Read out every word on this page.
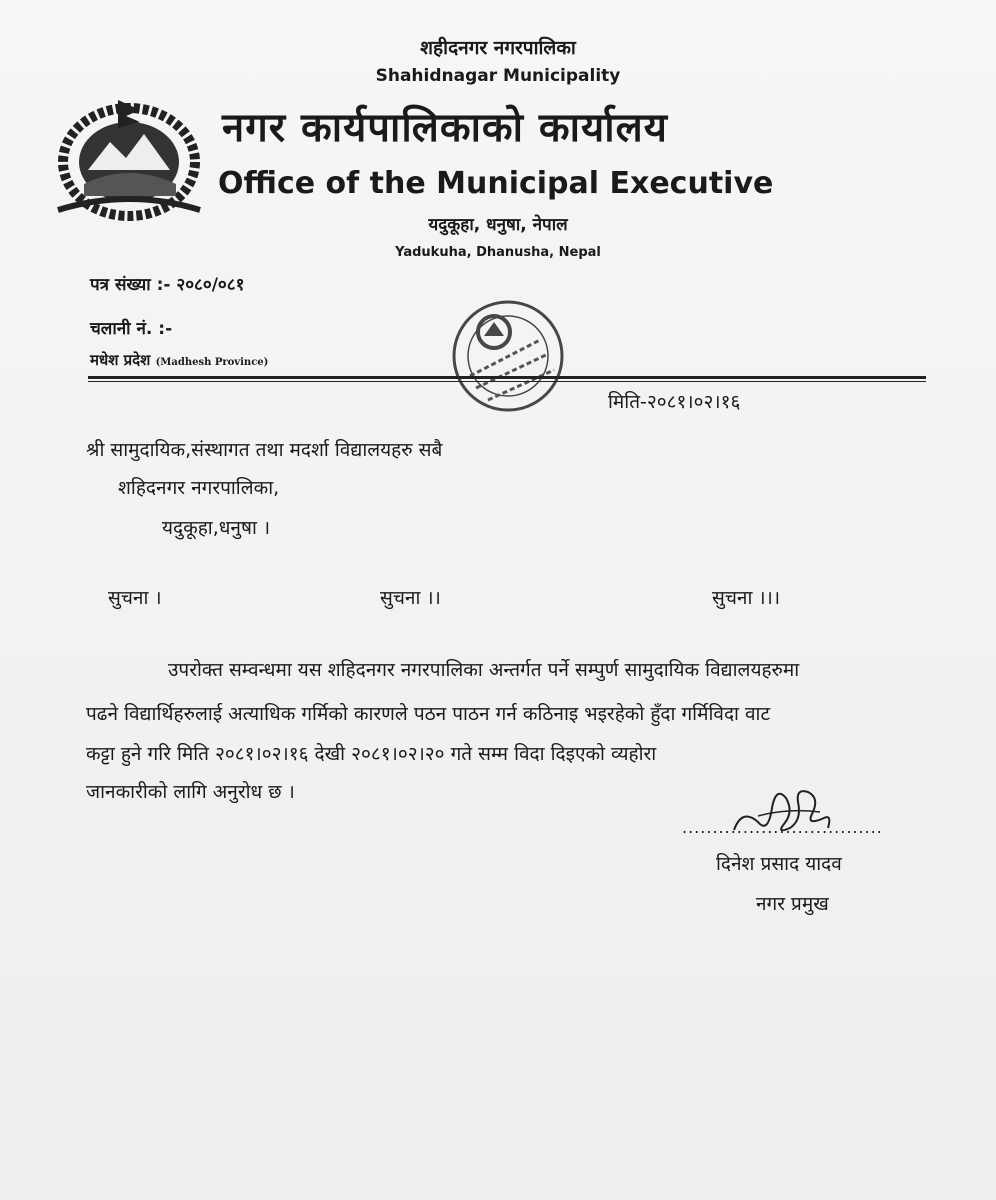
शहीदनगर नगरपालिका
Shahidnagar Municipality
नगर कार्यपालिकाको कार्यालय
Office of the Municipal Executive
यदुकूहा, धनुषा, नेपाल
Yadukuha, Dhanusha, Nepal
पत्र संख्या :- २०८०/०८१
चलानी नं. :-
मधेश प्रदेश (Madhesh Province)
मिति-२०८१।०२।१६
श्री सामुदायिक,संस्थागत तथा मदर्शा विद्यालयहरु सबै
शहिदनगर नगरपालिका,
यदुकूहा,धनुषा ।
सुचना ।	सुचना ।।	सुचना ।।।
उपरोक्त सम्वन्धमा यस शहिदनगर नगरपालिका अन्तर्गत पर्ने सम्पुर्ण सामुदायिक विद्यालयहरुमा
पढने विद्यार्थिहरुलाई अत्याधिक गर्मिको कारणले पठन पाठन गर्न कठिनाइ भइरहेको हुँदा गर्मिविदा वाट
कट्टा हुने गरि मिति २०८१।०२।१६ देखी २०८१।०२।२० गते सम्म विदा दिइएको व्यहोरा
जानकारीको लागि अनुरोध छ ।
.................................
दिनेश प्रसाद यादव
नगर प्रमुख
